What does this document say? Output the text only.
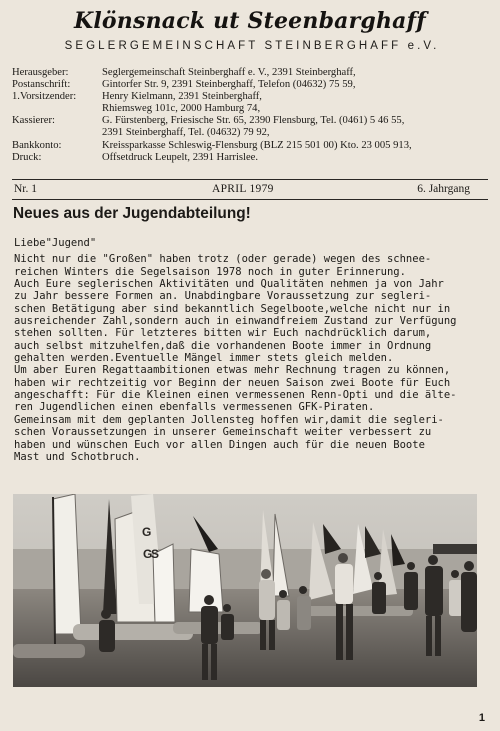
Klönsnack ut Steenbarghaff
SEGLERGEMEINSCHAFT STEINBERGHAFF e.V.
Herausgeber:	Seglergemeinschaft Steinberghaff e. V., 2391 Steinberghaff,
Postanschrift:	Gintorfer Str. 9, 2391 Steinberghaff, Telefon (04632) 75 59,
1.Vorsitzender:	Henry Kielmann, 2391 Steinberghaff,
Rhiemsweg 101c, 2000 Hamburg 74,
Kassierer:	G. Fürstenberg, Friesische Str. 65, 2390 Flensburg, Tel. (0461) 5 46 55,
2391 Steinberghaff, Tel. (04632) 79 92,
Bankkonto:	Kreissparkasse Schleswig-Flensburg (BLZ 215 501 00) Kto. 23 005 913,
Druck:	Offsetdruck Leupelt, 2391 Harrislee.
Nr. 1	APRIL 1979	6. Jahrgang
Neues aus der Jugendabteilung!
Liebe"Jugend"
Nicht nur die "Großen" haben trotz (oder gerade) wegen des schnee-
reichen Winters die Segelsaison 1978 noch in guter Erinnerung.
Auch Eure seglerischen Aktivitäten und Qualitäten nehmen ja von Jahr
zu Jahr bessere Formen an. Unabdingbare Voraussetzung zur segleri-
schen Betätigung aber sind bekanntlich Segelboote,welche nicht nur in
ausreichender Zahl,sondern auch in einwandfreiem Zustand zur Verfügung
stehen sollten. Für letzteres bitten wir Euch nachdrücklich darum,
auch selbst mitzuhelfen,daß die vorhandenen Boote immer in Ordnung
gehalten werden.Eventuelle Mängel immer stets gleich melden.
Um aber Euren Regattaambitionen etwas mehr Rechnung tragen zu können,
haben wir rechtzeitig vor Beginn der neuen Saison zwei Boote für Euch
angeschafft: Für die Kleinen einen vermessenen Renn-Opti und die älte-
ren Jugendlichen einen ebenfalls vermessenen GFK-Piraten.
Gemeinsam mit dem geplanten Jollensteg hoffen wir,damit die segleri-
schen Voraussetzungen in unserer Gemeinschaft weiter verbessert zu
haben und wünschen Euch vor allen Dingen auch für die neuen Boote
Mast und Schotbruch.
G
G
S
1
